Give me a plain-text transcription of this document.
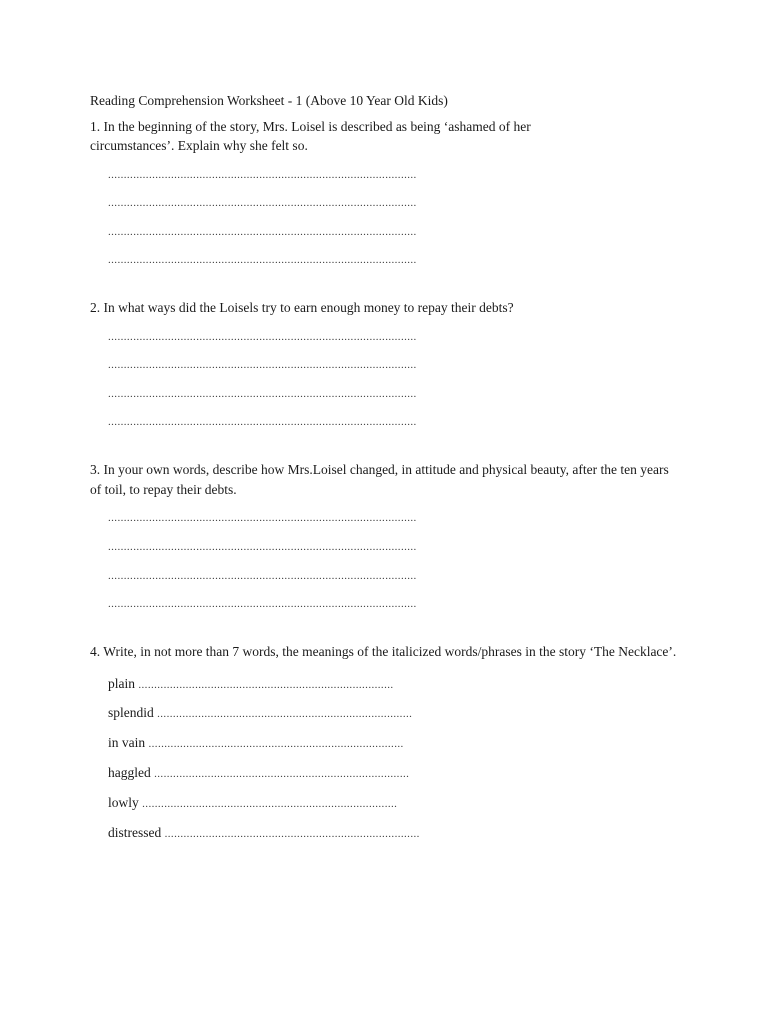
Reading Comprehension Worksheet - 1 (Above 10 Year Old Kids)

1. In the beginning of the story, Mrs. Loisel is described as being ‘ashamed of her circumstances’. Explain why she felt so.

..................................................................................................
..................................................................................................
..................................................................................................
..................................................................................................

2. In what ways did the Loisels try to earn enough money to repay their debts?

..................................................................................................
..................................................................................................
..................................................................................................
..................................................................................................

3. In your own words, describe how Mrs.Loisel changed, in attitude and physical beauty, after the ten years of toil, to repay their debts.

..................................................................................................
..................................................................................................
..................................................................................................
..................................................................................................

4. Write, in not more than 7 words, the meanings of the italicized words/phrases in the story ‘The Necklace’.

plain .................................................................................
splendid .................................................................................
in vain .................................................................................
haggled .................................................................................
lowly .................................................................................
distressed .................................................................................
